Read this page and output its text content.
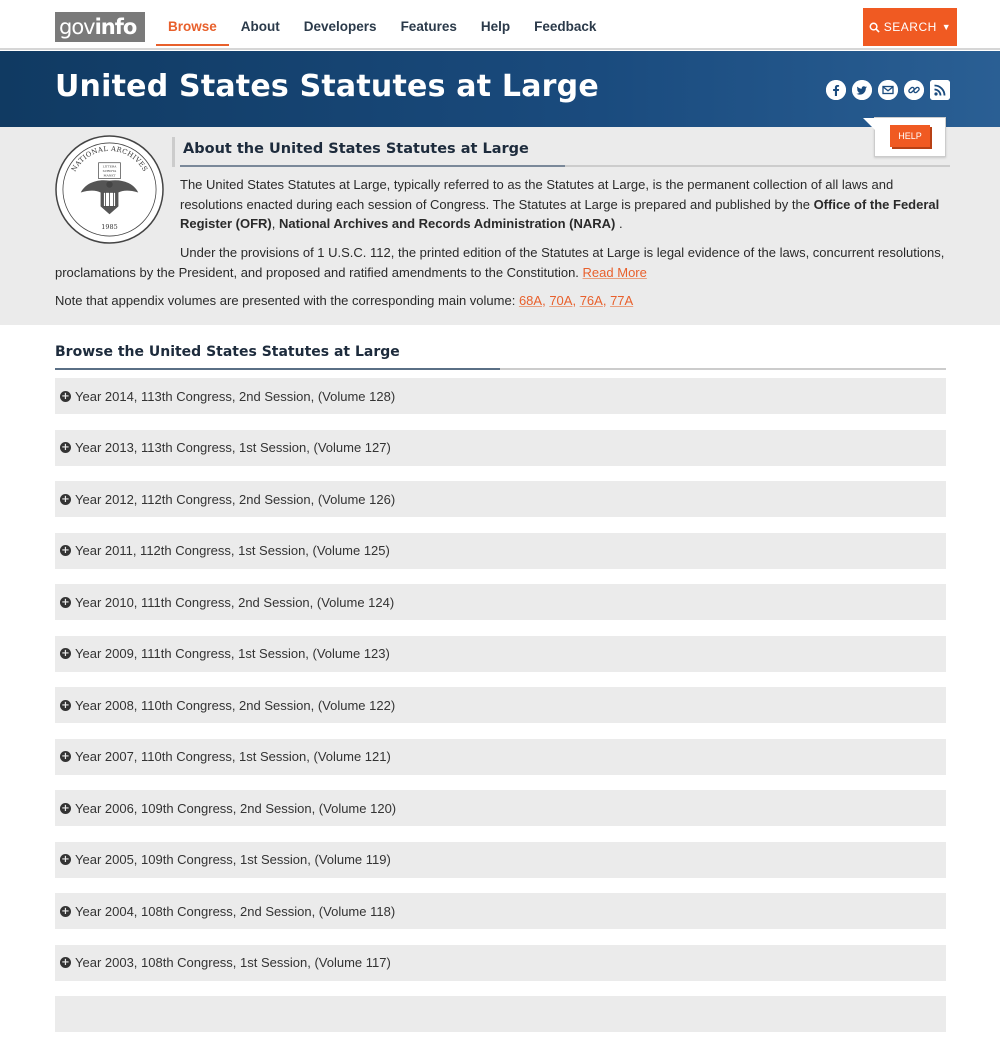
govinfo	Browse	About	Developers	Features	Help	Feedback	SEARCH ▼
United States Statutes at Large
NATIONAL ARCHIVES
LITTERA
SCRIPTA
MANET
1985
HELP
About the United States Statutes at Large
The United States Statutes at Large, typically referred to as the Statutes at Large, is the permanent collection of all laws and resolutions enacted during each session of Congress. The Statutes at Large is prepared and published by the Office of the Federal Register (OFR), National Archives and Records Administration (NARA) .
Under the provisions of 1 U.S.C. 112, the printed edition of the Statutes at Large is legal evidence of the laws, concurrent resolutions, proclamations by the President, and proposed and ratified amendments to the Constitution. Read More
Note that appendix volumes are presented with the corresponding main volume: 68A, 70A, 76A, 77A
Browse the United States Statutes at Large
+ Year 2014, 113th Congress, 2nd Session, (Volume 128)
+ Year 2013, 113th Congress, 1st Session, (Volume 127)
+ Year 2012, 112th Congress, 2nd Session, (Volume 126)
+ Year 2011, 112th Congress, 1st Session, (Volume 125)
+ Year 2010, 111th Congress, 2nd Session, (Volume 124)
+ Year 2009, 111th Congress, 1st Session, (Volume 123)
+ Year 2008, 110th Congress, 2nd Session, (Volume 122)
+ Year 2007, 110th Congress, 1st Session, (Volume 121)
+ Year 2006, 109th Congress, 2nd Session, (Volume 120)
+ Year 2005, 109th Congress, 1st Session, (Volume 119)
+ Year 2004, 108th Congress, 2nd Session, (Volume 118)
+ Year 2003, 108th Congress, 1st Session, (Volume 117)
